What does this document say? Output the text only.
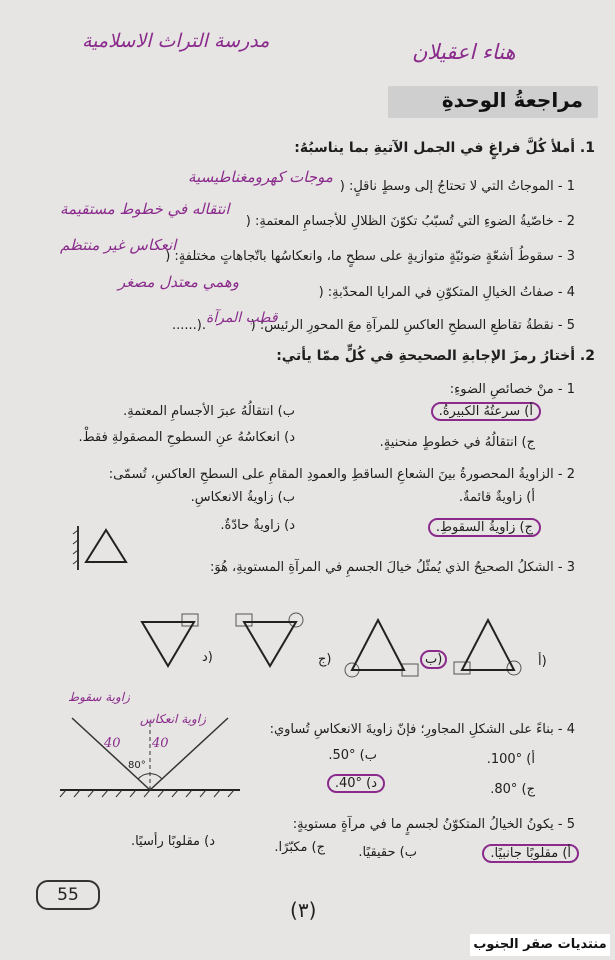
هناء اعقيلان
مدرسة التراث الاسلامية
مراجعةُ الوحدةِ
1. أملأ كُلَّ فراغٍ في الجمل الآتيةِ بما يناسبُهُ:
1 - الموجاتُ التي لا تحتاجُ إلى وسطٍ ناقلٍ: (
موجات كهرومغناطيسية
2 - خاصّيةُ الضوءِ التي تُسبّبُ تكوّنَ الظلالِ للأجسامِ المعتمةِ: (
انتقاله في خطوط مستقيمة
3 - سقوطُ أشعّةٍ ضوئيّةٍ متوازيةٍ على سطحٍ ما، وانعكاسُها باتّجاهاتٍ مختلفةٍ: (
انعكاس غير منتظم
4 - صفاتُ الخيالِ المتكوّنِ في المرايا المحدّبةِ: (
وهمي معتدل مصغر
5 - نقطةُ تقاطعِ السطحِ العاكسِ للمرآةِ معَ المحورِ الرئيس: (
قطب المرآة
......).
2. أختارُ رمزَ الإجابةِ الصحيحةِ في كُلٍّ ممّا يأتي:
1 - منْ خصائصِ الضوءِ:
أ) سرعتُهُ الكبيرةُ.
ب) انتقالُهُ عبرَ الأجسامِ المعتمةِ.
ج) انتقالُهُ في خطوطٍ منحنيةٍ.
د) انعكاسُهُ عنِ السطوحِ المصقولةِ فقطْ.
2 - الزاويةُ المحصورةُ بينَ الشعاعِ الساقطِ والعمودِ المقامِ على السطحِ العاكسِ، تُسمّى:
أ) زاويةٌ قائمةٌ.
ب) زاويةُ الانعكاسِ.
ج) زاويةُ السقوطِ.
د) زاويةٌ حادّةٌ.
3 - الشكلُ الصحيحُ الذي يُمثّلُ خيالَ الجسمِ في المرآةِ المستويةِ، هُوَ:
د)	ج)	ب)	أ)
80°
40 40
زاوية سقوط
زاوية انعكاس
4 - بناءً على الشكلِ المجاورِ؛ فإنّ زاويةَ الانعكاسِ تُساوي:
أ) °100.
ب) °50.
ج) °80.
د) °40.
5 - يكونُ الخيالُ المتكوّنُ لجسمٍ ما في مرآةٍ مستويةٍ:
أ) مقلوبًا جانبيًا.
ب) حقيقيًا.
ج) مكبّرًا.
د) مقلوبًا رأسيًا.
55
(٣)
منتديات صقر الجنوب
